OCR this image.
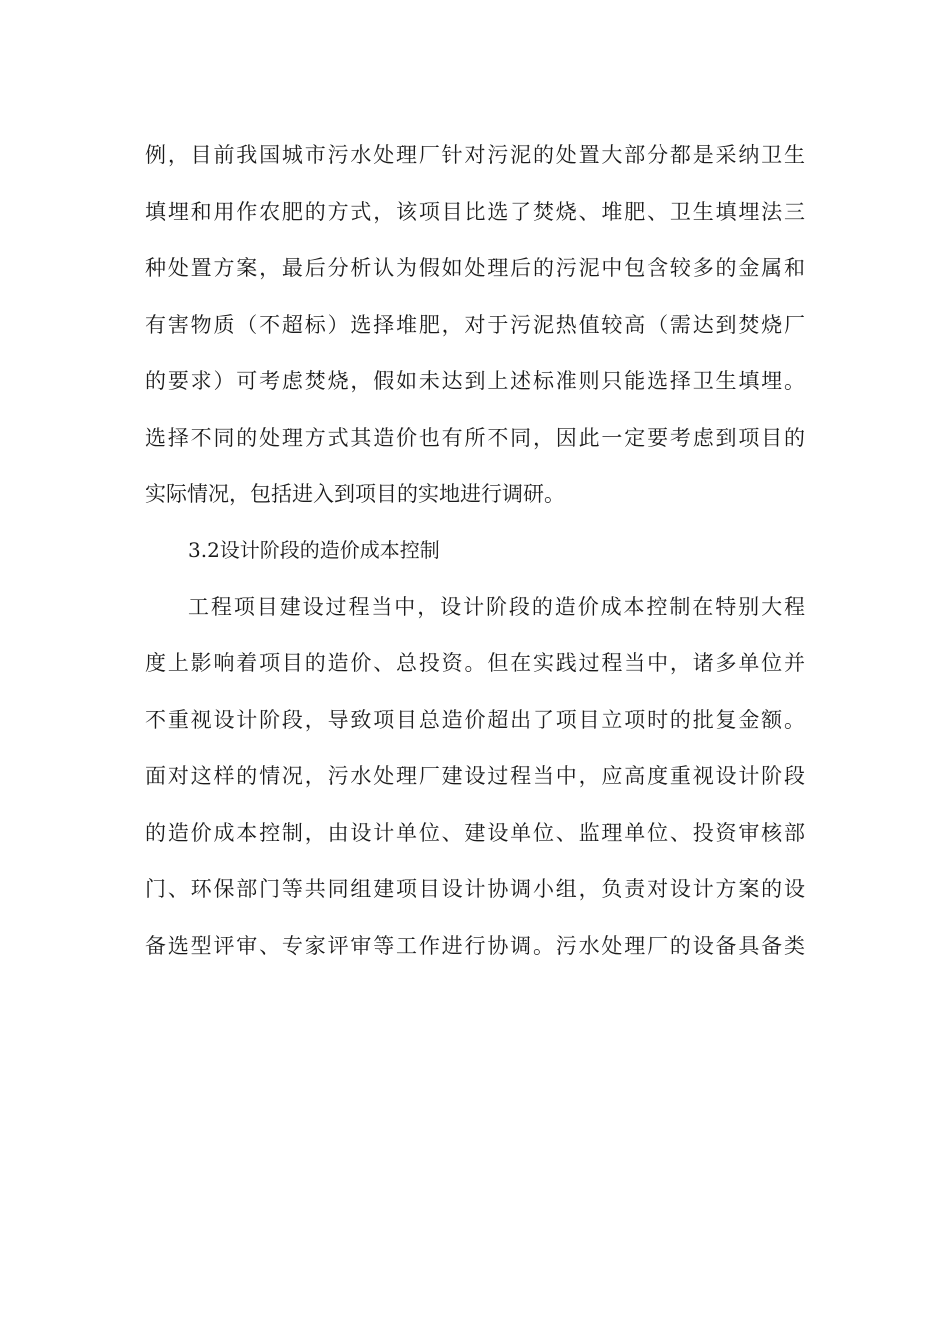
例，目前我国城市污水处理厂针对污泥的处置大部分都是采纳卫生
填埋和用作农肥的方式，该项目比选了焚烧、堆肥、卫生填埋法三
种处置方案，最后分析认为假如处理后的污泥中包含较多的金属和
有害物质（不超标）选择堆肥，对于污泥热值较高（需达到焚烧厂
的要求）可考虑焚烧，假如未达到上述标准则只能选择卫生填埋。
选择不同的处理方式其造价也有所不同，因此一定要考虑到项目的
实际情况，包括进入到项目的实地进行调研。
3.2设计阶段的造价成本控制
工程项目建设过程当中，设计阶段的造价成本控制在特别大程
度上影响着项目的造价、总投资。但在实践过程当中，诸多单位并
不重视设计阶段，导致项目总造价超出了项目立项时的批复金额。
面对这样的情况，污水处理厂建设过程当中，应高度重视设计阶段
的造价成本控制，由设计单位、建设单位、监理单位、投资审核部
门、环保部门等共同组建项目设计协调小组，负责对设计方案的设
备选型评审、专家评审等工作进行协调。污水处理厂的设备具备类
